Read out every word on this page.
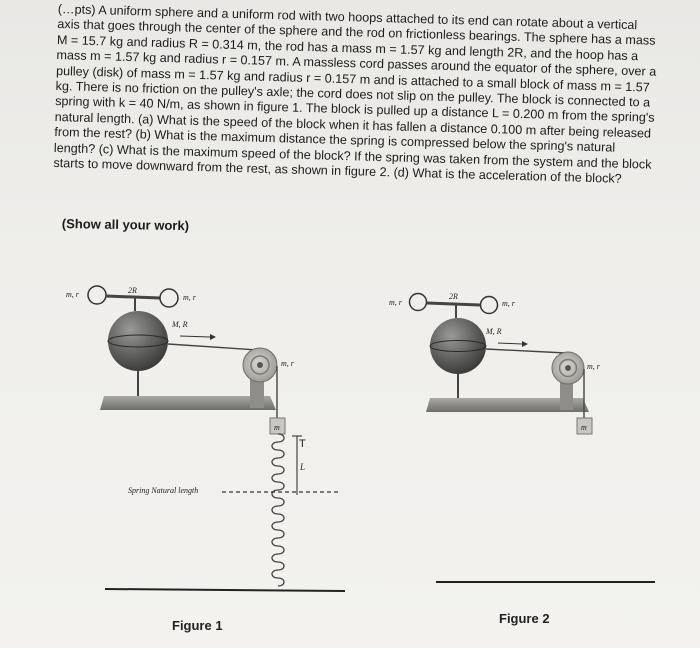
(…pts) A uniform sphere and a uniform rod with two hoops attached to its end can rotate about a vertical axis that goes through the center of the sphere and the rod on frictionless bearings. The sphere has a mass M = 15.7 kg and radius R = 0.314 m, the rod has a mass m = 1.57 kg and length 2R, and the hoop has a mass m = 1.57 kg and radius r = 0.157 m. A massless cord passes around the equator of the sphere, over a pulley (disk) of mass m = 1.57 kg and radius r = 0.157 m and is attached to a small block of mass m = 1.57 kg. There is no friction on the pulley's axle; the cord does not slip on the pulley. The block is connected to a spring with k = 40 N/m, as shown in figure 1. The block is pulled up a distance L = 0.200 m from the spring's natural length. (a) What is the speed of the block when it has fallen a distance 0.100 m after being released from the rest? (b) What is the maximum distance the spring is compressed below the spring's natural length? (c) What is the maximum speed of the block? If the spring was taken from the system and the block starts to move downward from the rest, as shown in figure 2. (d) What is the acceleration of the block?

(Show all your work)
m, r	2R
m, r
M, R
m, r
m
T
L
Spring Natural length
Figure 1
m, r
2R
m, r
M, R
m, r
m
Figure 2
